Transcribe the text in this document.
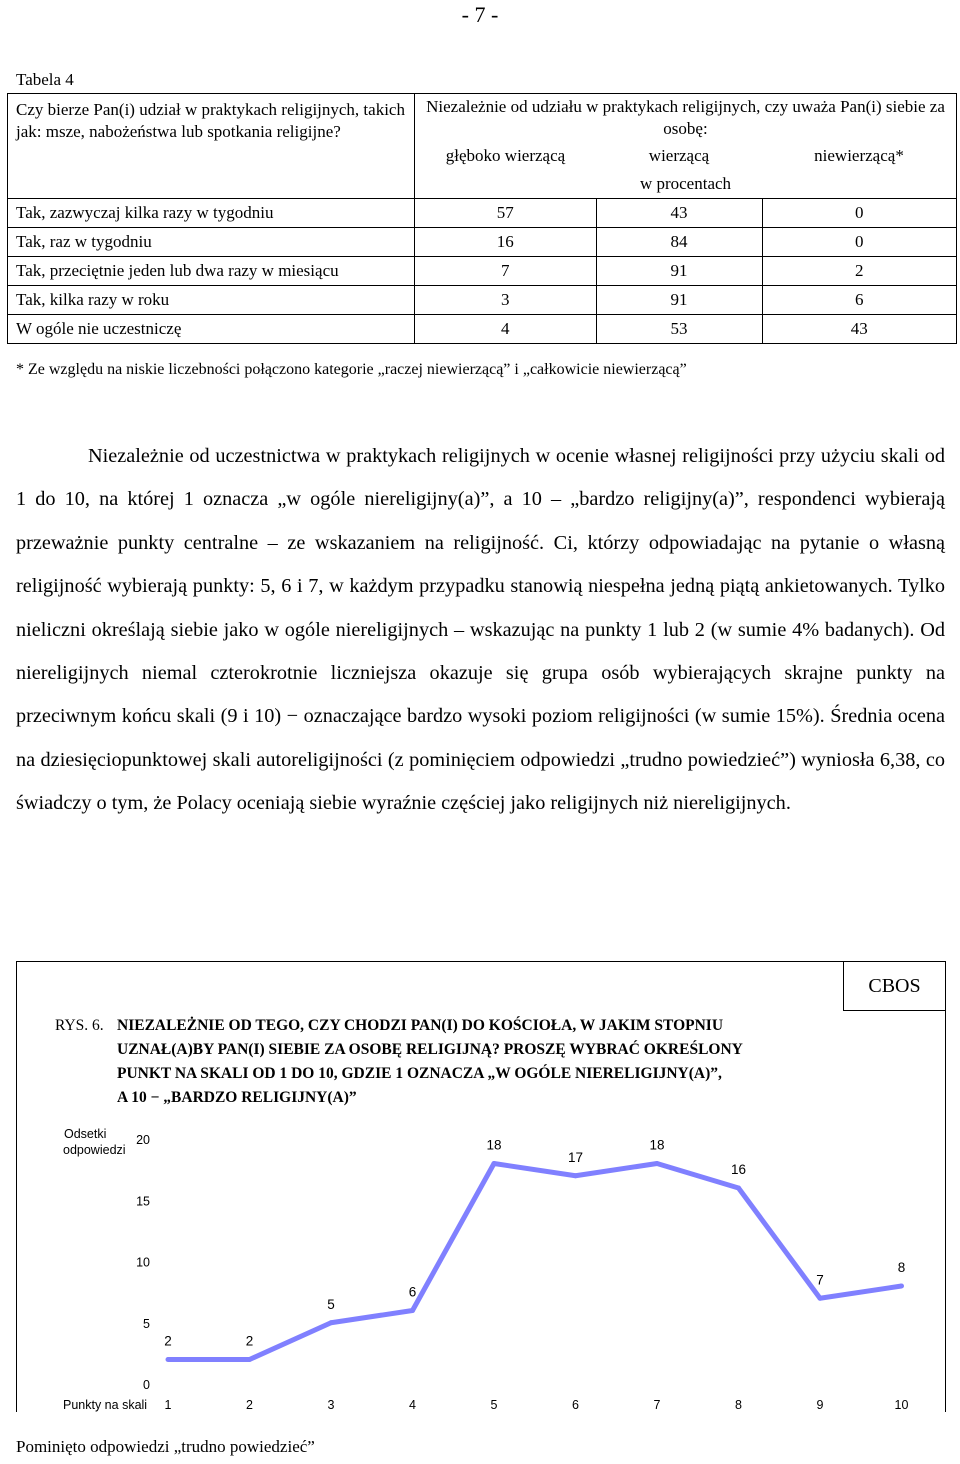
- 7 -
Tabela 4
Czy bierze Pan(i) udział w praktykach religijnych, takich jak: msze, nabożeństwa lub spotkania religijne?	Niezależnie od udziału w praktykach religijnych, czy uważa Pan(i) siebie za osobę:		
	głęboko wierzącą	wierzącą	niewierzącą*
	w procentach		
Tak, zazwyczaj kilka razy w tygodniu	57	43	0
Tak, raz w tygodniu	16	84	0
Tak, przeciętnie jeden lub dwa razy w miesiącu	7	91	2
Tak, kilka razy w roku	3	91	6
W ogóle nie uczestniczę	4	53	43
* Ze względu na niskie liczebności połączono kategorie „raczej niewierzącą” i „całkowicie niewierzącą”
Niezależnie od uczestnictwa w praktykach religijnych w ocenie własnej religijności przy użyciu skali od 1 do 10, na której 1 oznacza „w ogóle niereligijny(a)”, a 10 – „bardzo religijny(a)”, respondenci wybierają przeważnie punkty centralne – ze wskazaniem na religijność. Ci, którzy odpowiadając na pytanie o własną religijność wybierają punkty: 5, 6 i 7, w każdym przypadku stanowią niespełna jedną piątą ankietowanych. Tylko nieliczni określają siebie jako w ogóle niereligijnych – wskazując na punkty 1 lub 2 (w sumie 4% badanych). Od niereligijnych niemal czterokrotnie liczniejsza okazuje się grupa osób wybierających skrajne punkty na przeciwnym końcu skali (9 i 10) − oznaczające bardzo wysoki poziom religijności (w sumie 15%). Średnia ocena na dziesięciopunktowej skali autoreligijności (z pominięciem odpowiedzi „trudno powiedzieć”) wyniosła 6,38, co świadczy o tym, że Polacy oceniają siebie wyraźnie częściej jako religijnych niż niereligijnych.
CBOS
RYS. 6. NIEZALEŻNIE OD TEGO, CZY CHODZI PAN(I) DO KOŚCIOŁA, W JAKIM STOPNIU
UZNAŁ(A)BY PAN(I) SIEBIE ZA OSOBĘ RELIGIJNĄ? PROSZĘ WYBRAĆ OKREŚLONY
PUNKT NA SKALI OD 1 DO 10, GDZIE 1 OZNACZA „W OGÓLE NIERELIGIJNY(A)”,
A 10 − „BARDZO RELIGIJNY(A)”
Odsetki
odpowiedzi
0
5
10
15
20
1	2	3	4	5	6	7	8	9	10
Punkty na skali
2	2
5
6
18
17
18
16
7
8
Pominięto odpowiedzi „trudno powiedzieć”
